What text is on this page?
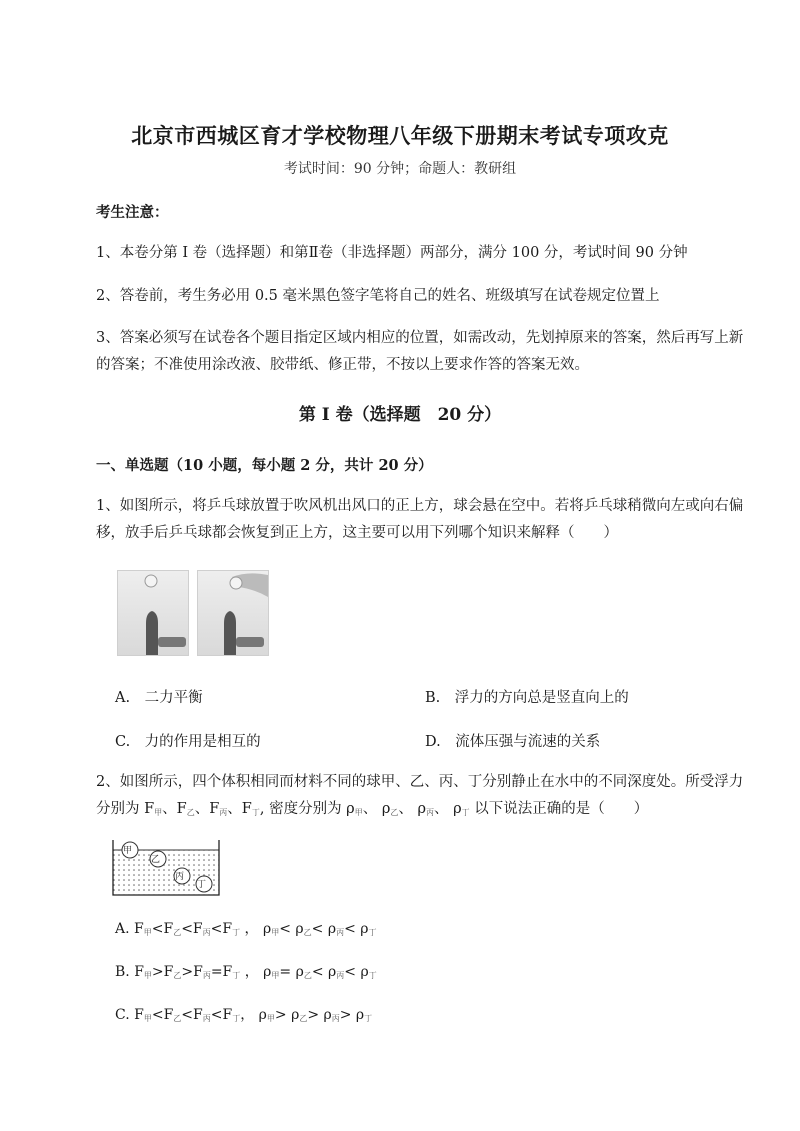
北京市西城区育才学校物理八年级下册期末考试专项攻克
考试时间：90 分钟；命题人：教研组
考生注意：
1、本卷分第 I 卷（选择题）和第Ⅱ卷（非选择题）两部分，满分 100 分，考试时间 90 分钟
2、答卷前，考生务必用 0.5 毫米黑色签字笔将自己的姓名、班级填写在试卷规定位置上
3、答案必须写在试卷各个题目指定区域内相应的位置，如需改动，先划掉原来的答案，然后再写上新的答案；不准使用涂改液、胶带纸、修正带，不按以上要求作答的答案无效。
第 I 卷（选择题　20 分）
一、单选题（10 小题，每小题 2 分，共计 20 分）
1、如图所示，将乒乓球放置于吹风机出风口的正上方，球会悬在空中。若将乒乓球稍微向左或向右偏移，放手后乒乓球都会恢复到正上方，这主要可以用下列哪个知识来解释（　　）
A.　二力平衡	B.　浮力的方向总是竖直向上的
C.　力的作用是相互的	D.　流体压强与流速的关系
2、如图所示，四个体积相同而材料不同的球甲、乙、丙、丁分别静止在水中的不同深度处。所受浮力
分别为 $F_甲$、$F_乙$、$F_丙$、$F_丁$, 密度分别为 $\rho_甲$、 $\rho_乙$、 $\rho_丙$、 $\rho_丁$ 以下说法正确的是（　　）
甲
乙
丙
丁
A. $F_甲<F_乙<F_丙<F_丁$ ， $\rho_甲< \rho_乙< \rho_丙< \rho_丁$
B. $F_甲>F_乙>F_丙=F_丁$ ， $\rho_甲= \rho_乙< \rho_丙< \rho_丁$
C. $F_甲<F_乙<F_丙<F_丁$， $\rho_甲> \rho_乙> \rho_丙> \rho_丁$
